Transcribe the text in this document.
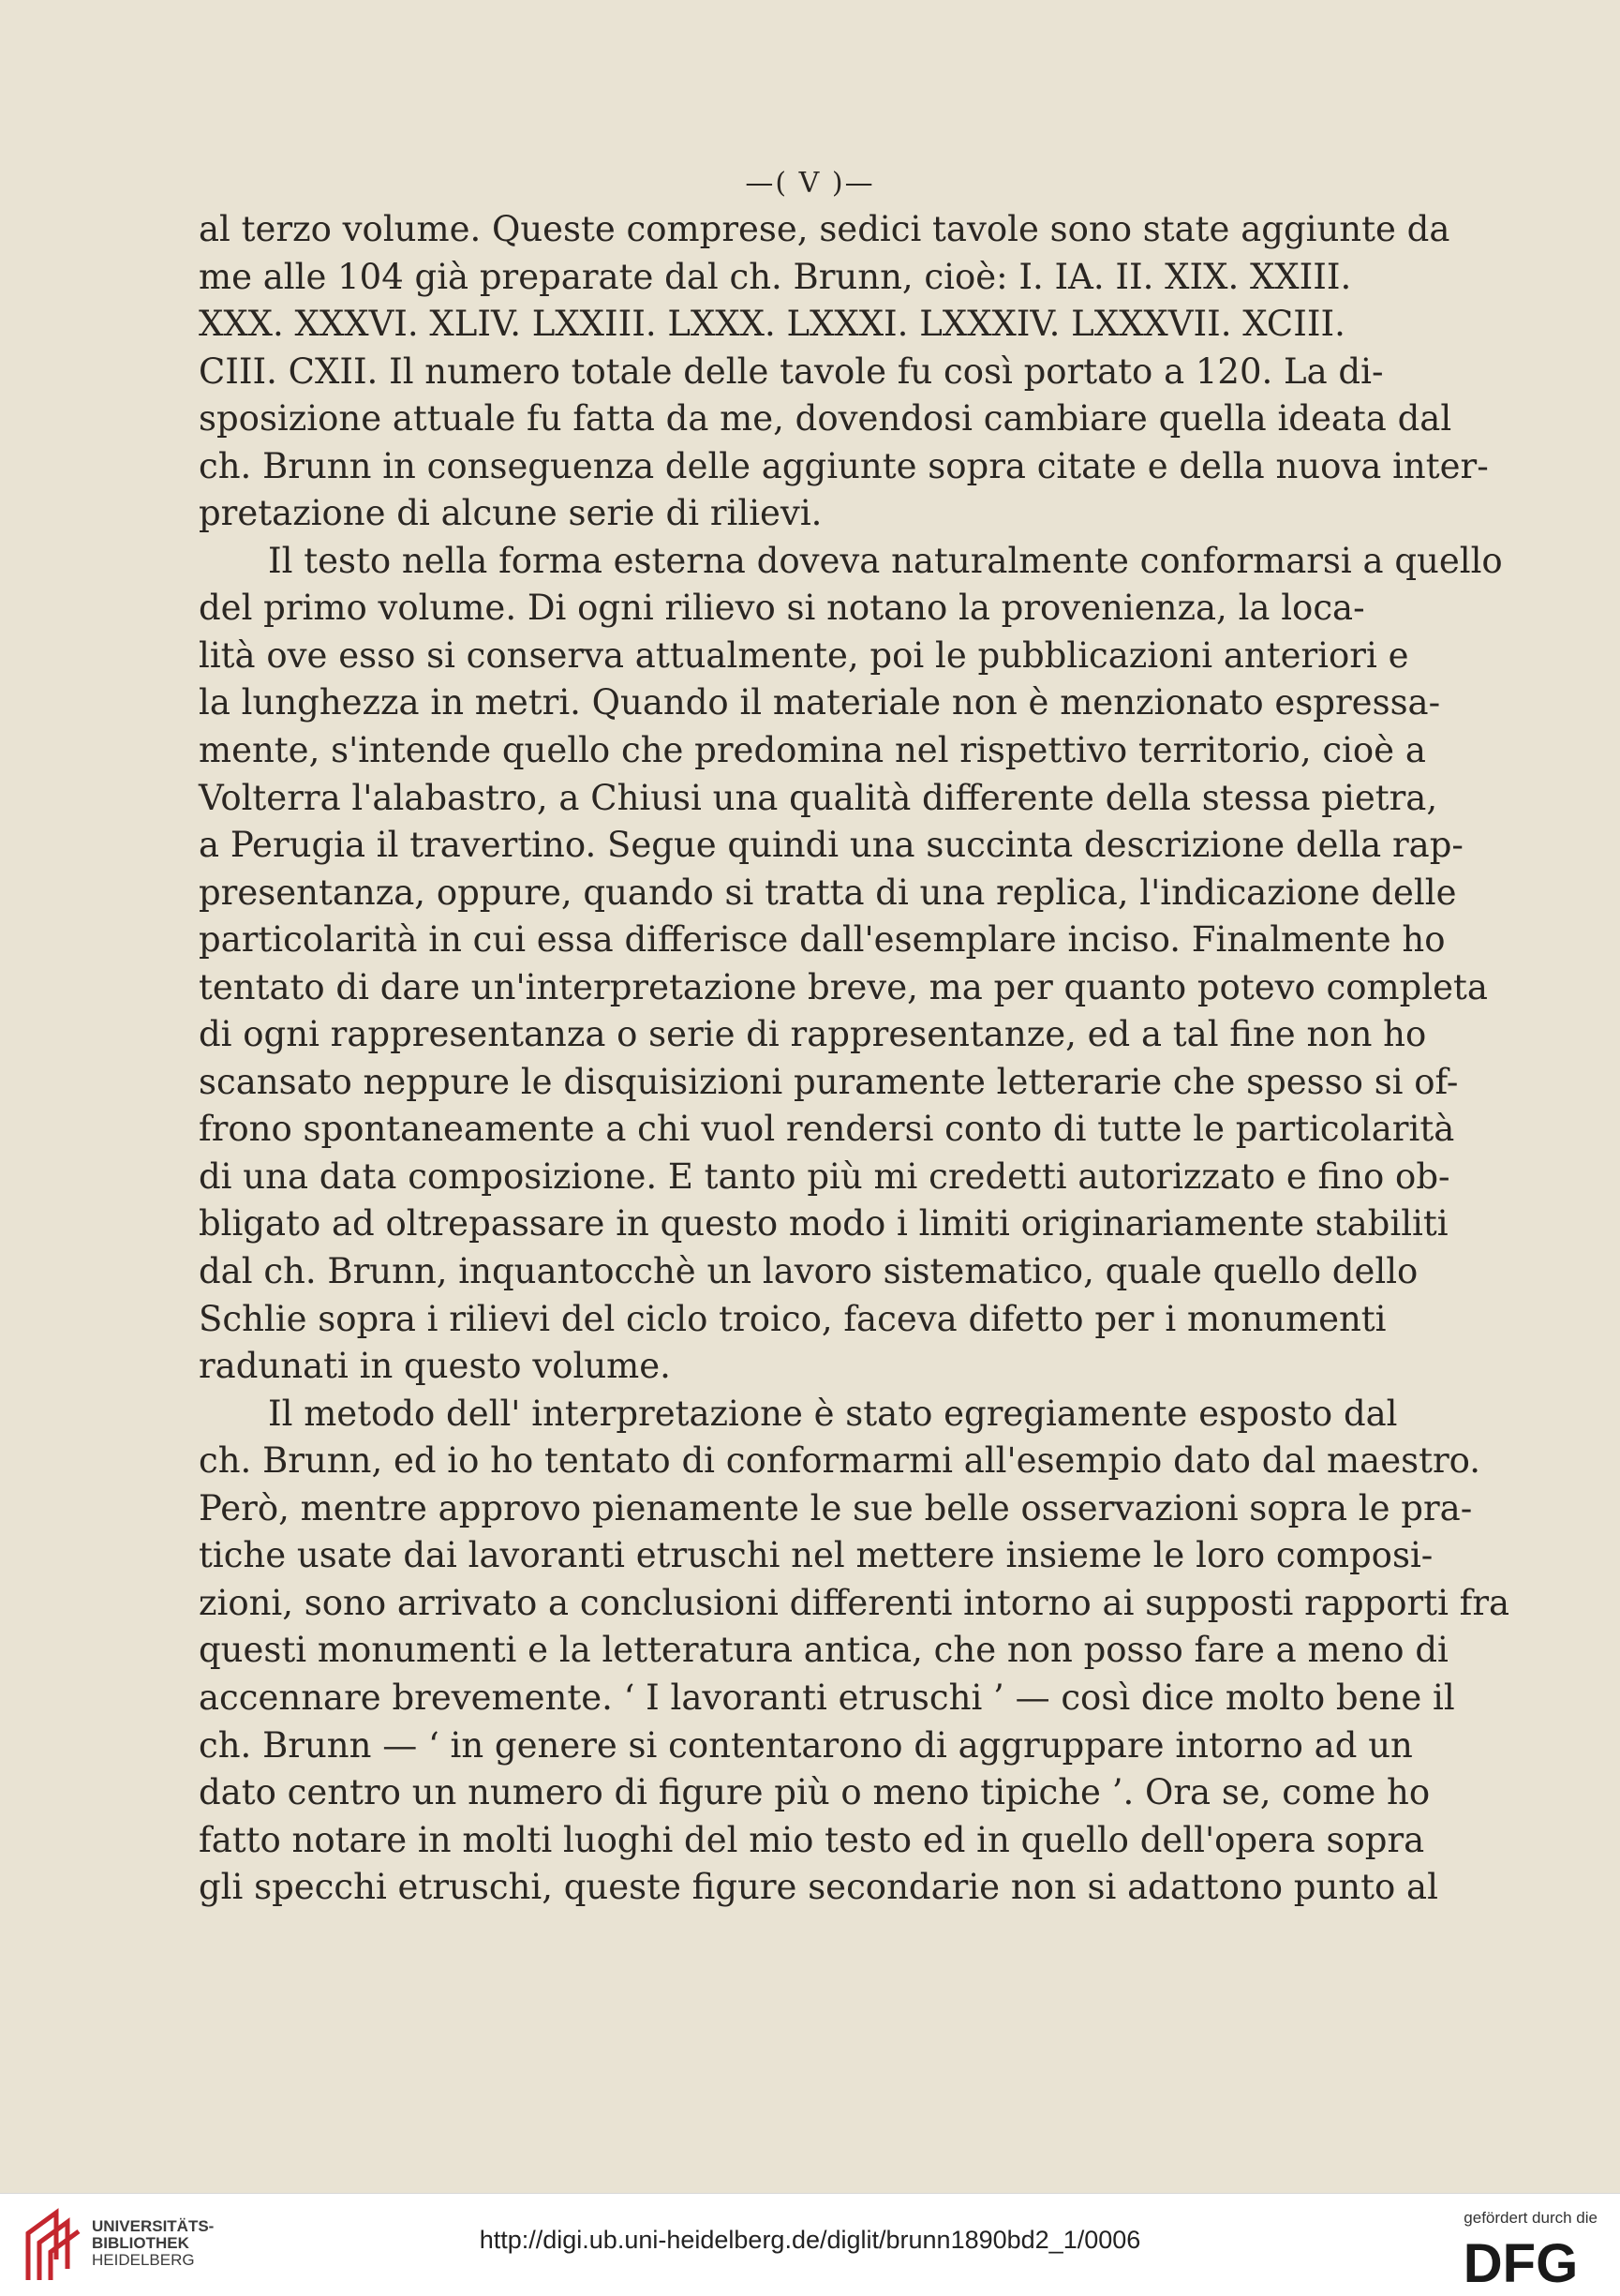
—( V )—
al terzo volume. Queste comprese, sedici tavole sono state aggiunte da
me alle 104 già preparate dal ch. Brunn, cioè: I. IA. II. XIX. XXIII.
XXX. XXXVI. XLIV. LXXIII. LXXX. LXXXI. LXXXIV. LXXXVII. XCIII.
CIII. CXII. Il numero totale delle tavole fu così portato a 120. La di-
sposizione attuale fu fatta da me, dovendosi cambiare quella ideata dal
ch. Brunn in conseguenza delle aggiunte sopra citate e della nuova inter-
pretazione di alcune serie di rilievi.
Il testo nella forma esterna doveva naturalmente conformarsi a quello
del primo volume. Di ogni rilievo si notano la provenienza, la loca-
lità ove esso si conserva attualmente, poi le pubblicazioni anteriori e
la lunghezza in metri. Quando il materiale non è menzionato espressa-
mente, s'intende quello che predomina nel rispettivo territorio, cioè a
Volterra l'alabastro, a Chiusi una qualità differente della stessa pietra,
a Perugia il travertino. Segue quindi una succinta descrizione della rap-
presentanza, oppure, quando si tratta di una replica, l'indicazione delle
particolarità in cui essa differisce dall'esemplare inciso. Finalmente ho
tentato di dare un'interpretazione breve, ma per quanto potevo completa
di ogni rappresentanza o serie di rappresentanze, ed a tal fine non ho
scansato neppure le disquisizioni puramente letterarie che spesso si of-
frono spontaneamente a chi vuol rendersi conto di tutte le particolarità
di una data composizione. E tanto più mi credetti autorizzato e fino ob-
bligato ad oltrepassare in questo modo i limiti originariamente stabiliti
dal ch. Brunn, inquantocchè un lavoro sistematico, quale quello dello
Schlie sopra i rilievi del ciclo troico, faceva difetto per i monumenti
radunati in questo volume.
Il metodo dell' interpretazione è stato egregiamente esposto dal
ch. Brunn, ed io ho tentato di conformarmi all'esempio dato dal maestro.
Però, mentre approvo pienamente le sue belle osservazioni sopra le pra-
tiche usate dai lavoranti etruschi nel mettere insieme le loro composi-
zioni, sono arrivato a conclusioni differenti intorno ai supposti rapporti fra
questi monumenti e la letteratura antica, che non posso fare a meno di
accennare brevemente. ‘ I lavoranti etruschi ’ — così dice molto bene il
ch. Brunn — ‘ in genere si contentarono di aggruppare intorno ad un
dato centro un numero di figure più o meno tipiche ’. Ora se, come ho
fatto notare in molti luoghi del mio testo ed in quello dell'opera sopra
gli specchi etruschi, queste figure secondarie non si adattono punto al
UNIVERSITÄTS-
BIBLIOTHEK
HEIDELBERG
http://digi.ub.uni-heidelberg.de/diglit/brunn1890bd2_1/0006
gefördert durch die
DFG
